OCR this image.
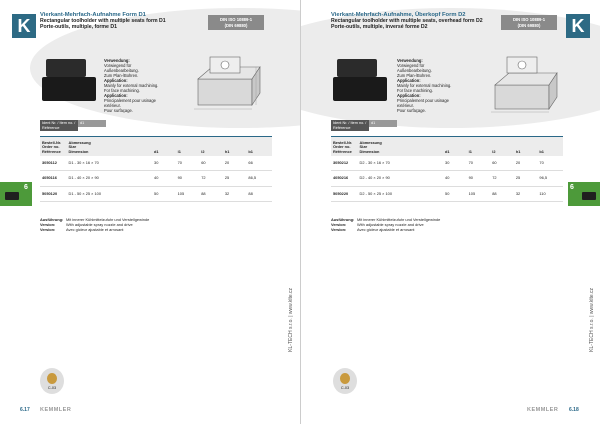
K
Vierkant-Mehrfach-Aufnahme Form D1
Rectangular toolholder with multiple seats form D1
Porte-outils, multiple, forme D1
DIN ISO 10889-1
(DIN 69880)
Verwendung:
Vorwiegend für Außenbearbeitung.
Zum Plan-/Bohren.
Application:
Mainly for external machining.
For face machining.
Application:
Principalement pour usinage extérieur.
Pour surfaçage.
Ident Nr. / Item no. / Référenced1
Bestell-Nr.
Order no.
Référence
Abmessung
Size
Dimension	d1	l1	l2	h1	b1
3050112	D1 - 30 × 16 × 70	30	70	60	20	66
4050116	D1 - 40 × 20 × 90	40	90	72	25	86,5
5050120	D1 - 50 × 25 × 100	50	105	88	32	88
Ausführung: Mit innerer Kühlmittelzufuhr und Verstellgewinde
Version:	With adjustable spray nozzle and drive
Version:	Avec gicleur ajustable et arrosant
6
KL-TECH s.r.o. | www.klte.cz
C-03
6.17 KEMMLER
K
Vierkant-Mehrfach-Aufnahme, Überkopf Form D2
Rectangular toolholder with multiple seats, overhead form D2
Porte-outils, multiple, inversé forme D2
DIN ISO 10889-1
(DIN 69880)
Verwendung:
Vorwiegend für Außenbearbeitung.
Zum Plan-/Bohren.
Application:
Mainly for external machining.
For face machining.
Application:
Principalement pour usinage extérieur.
Pour surfaçage.
Ident Nr. / Item no. / Référenced1
Bestell-Nr.
Order no.
Référence
Abmessung
Size
Dimension	d1	l1	l2	h1	b1
3050212	D2 - 30 × 16 × 70	30	70	60	20	70
4050216	D2 - 40 × 20 × 90	40	90	72	25	96,5
5050220	D2 - 50 × 25 × 100	50	105	88	32	110
Ausführung: Mit innerer Kühlmittelzufuhr und Verstellgewinde
Version:	With adjustable spray nozzle and drive
Version:	Avec gicleur ajustable et arrosant
6
KL-TECH s.r.o. | www.klte.cz
C-03
KEMMLER 6.18
